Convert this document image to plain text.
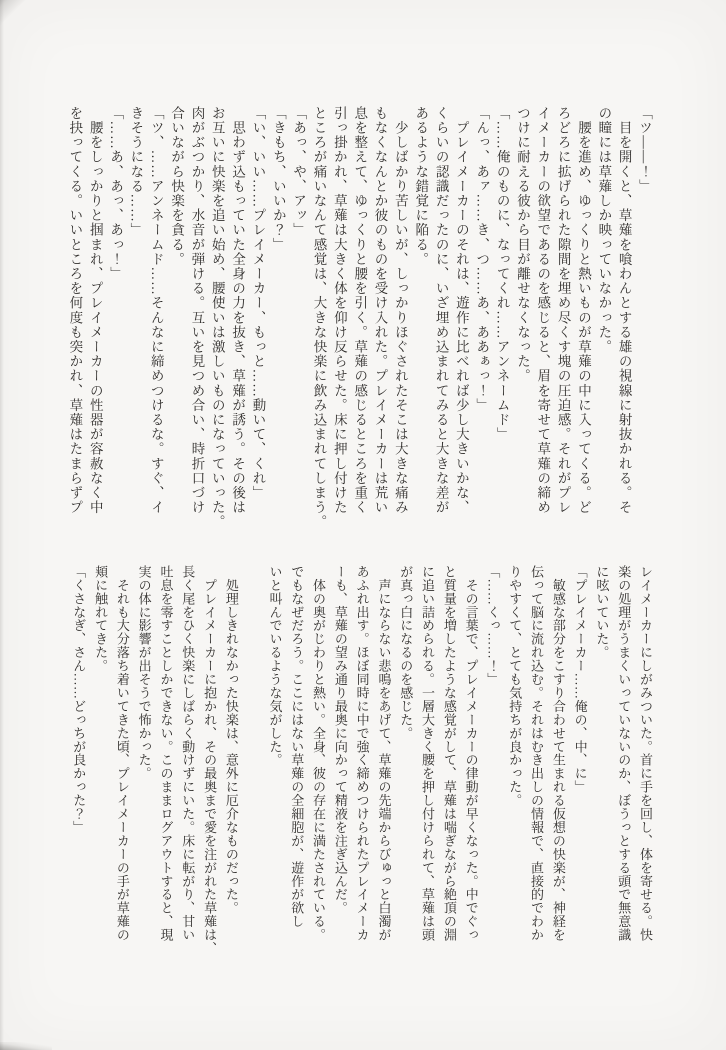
「ツ――！」

　目を開くと、草薙を喰わんとする雄の視線に射抜かれる。そ

の瞳には草薙しか映っていなかった。

　腰を進め、ゆっくりと熱いものが草薙の中に入ってくる。ど

ろどろに拡げられた隙間を埋め尽くす塊の圧迫感。それがプレ

イメーカーの欲望であるのを感じると、眉を寄せて草薙の締め

つけに耐える彼から目が離せなくなった。

「……俺のものに、なってくれ……アンネームド」

「んっ、あァ……き、つ……あ、ああぁっ！」

　プレイメーカーのそれは、遊作に比べれば少し大きいかな、

くらいの認識だったのに、いざ埋め込まれてみると大きな差が

あるような錯覚に陥る。

　少しばかり苦しいが、しっかりほぐされたそこは大きな痛み

もなくなんとか彼のものを受け入れた。プレイメーカーは荒い

息を整えて、ゆっくりと腰を引く。草薙の感じるところを重く

引っ掛かれ、草薙は大きく体を仰け反らせた。床に押し付けた

ところが痛いなんて感覚は、大きな快楽に飲み込まれてしまう。

「あっ、や、アッ」

「きもち、いいか？」

「い、いい……プレイメーカー、もっと……動いて、くれ」

　思わず込もっていた全身の力を抜き、草薙が誘う。その後は

お互いに快楽を追い始め、腰使いは激しいものになっていった。

肉がぶつかり、水音が弾ける。互いを見つめ合い、時折口づけ

合いながら快楽を貪る。

「ツ、……アンネームド……そんなに締めつけるな。すぐ、イ

きそうになる……」

「……あ、あっ、あっ！」

　腰をしっかりと掴まれ、プレイメーカーの性器が容赦なく中

を抉ってくる。いいところを何度も突かれ、草薙はたまらずプ

レイメーカーにしがみついた。首に手を回し、体を寄せる。快

楽の処理がうまくいっていないのか、ぼうっとする頭で無意識

に呟いていた。

「プレイメーカー……俺の、中、に」

　敏感な部分をこすり合わせて生まれる仮想の快楽が、神経を

伝って脳に流れ込む。それはむき出しの情報で、直接的でわか

りやすくて、とても気持ちが良かった。

「……くっ……！」

　その言葉で、プレイメーカーの律動が早くなった。中でぐっ

と質量を増したような感覚がして、草薙は喘ぎながら絶頂の淵

に追い詰められる。一層大きく腰を押し付けられて、草薙は頭

が真っ白になるのを感じた。

　声にならない悲鳴をあげて、草薙の先端からびゅっと白濁が

あふれ出す。ほぼ同時に中で強く締めつけられたプレイメーカ

ーも、草薙の望み通り最奥に向かって精液を注ぎ込んだ。

　体の奥がじわりと熱い。全身、彼の存在に満たされている。

でもなぜだろう。ここにはない草薙の全細胞が、遊作が欲し

いと叫んでいるような気がした。

　処理しきれなかった快楽は、意外に厄介なものだった。

　プレイメーカーに抱かれ、その最奥まで愛を注がれた草薙は、

長く尾をひく快楽にしばらく動けずにいた。床に転がり、甘い

吐息を零すことしかできない。このままログアウトすると、現

実の体に影響が出そうで怖かった。

　それも大分落ち着いてきた頃、プレイメーカーの手が草薙の

頬に触れてきた。

「くさなぎ、さん……どっちが良かった？」
